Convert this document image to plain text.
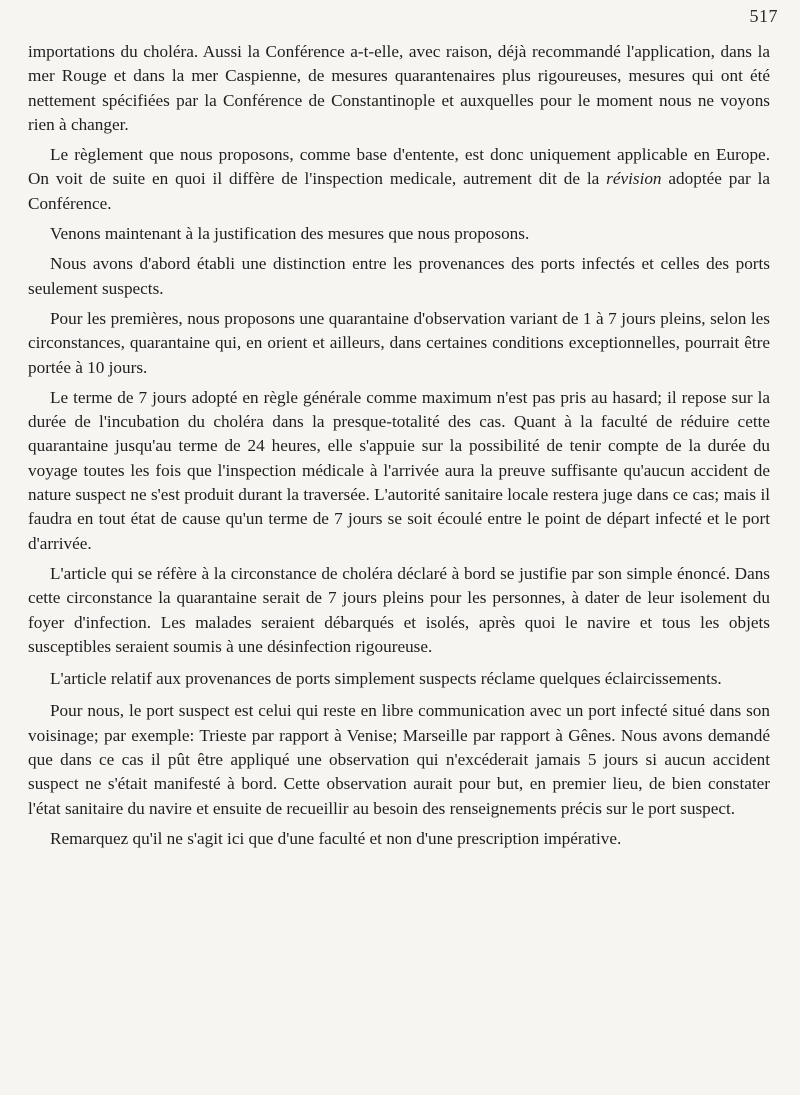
517

importations du choléra. Aussi la Conférence a-t-elle, avec raison, déjà recommandé l'application, dans la mer Rouge et dans la mer Caspienne, de mesures quarantenaires plus rigoureuses, mesures qui ont été nettement spécifiées par la Conférence de Constantinople et auxquelles pour le moment nous ne voyons rien à changer.

Le règlement que nous proposons, comme base d'entente, est donc uniquement applicable en Europe. On voit de suite en quoi il diffère de l'inspection medicale, autrement dit de la révision adoptée par la Conférence.

Venons maintenant à la justification des mesures que nous proposons.

Nous avons d'abord établi une distinction entre les provenances des ports infectés et celles des ports seulement suspects.

Pour les premières, nous proposons une quarantaine d'observation variant de 1 à 7 jours pleins, selon les circonstances, quarantaine qui, en orient et ailleurs, dans certaines conditions exceptionnelles, pourrait être portée à 10 jours.

Le terme de 7 jours adopté en règle générale comme maximum n'est pas pris au hasard; il repose sur la durée de l'incubation du choléra dans la presque-totalité des cas. Quant à la faculté de réduire cette quarantaine jusqu'au terme de 24 heures, elle s'appuie sur la possibilité de tenir compte de la durée du voyage toutes les fois que l'inspection médicale à l'arrivée aura la preuve suffisante qu'aucun accident de nature suspect ne s'est produit durant la traversée. L'autorité sanitaire locale restera juge dans ce cas; mais il faudra en tout état de cause qu'un terme de 7 jours se soit écoulé entre le point de départ infecté et le port d'arrivée.

L'article qui se réfère à la circonstance de choléra déclaré à bord se justifie par son simple énoncé. Dans cette circonstance la quarantaine serait de 7 jours pleins pour les personnes, à dater de leur isolement du foyer d'infection. Les malades seraient débarqués et isolés, après quoi le navire et tous les objets susceptibles seraient soumis à une désinfection rigoureuse.

L'article relatif aux provenances de ports simplement suspects réclame quelques éclaircissements.

Pour nous, le port suspect est celui qui reste en libre communication avec un port infecté situé dans son voisinage; par exemple: Trieste par rapport à Venise; Marseille par rapport à Gênes. Nous avons demandé que dans ce cas il pût être appliqué une observation qui n'excéderait jamais 5 jours si aucun accident suspect ne s'était manifesté à bord. Cette observation aurait pour but, en premier lieu, de bien constater l'état sanitaire du navire et ensuite de recueillir au besoin des renseignements précis sur le port suspect.

Remarquez qu'il ne s'agit ici que d'une faculté et non d'une prescription impérative.
